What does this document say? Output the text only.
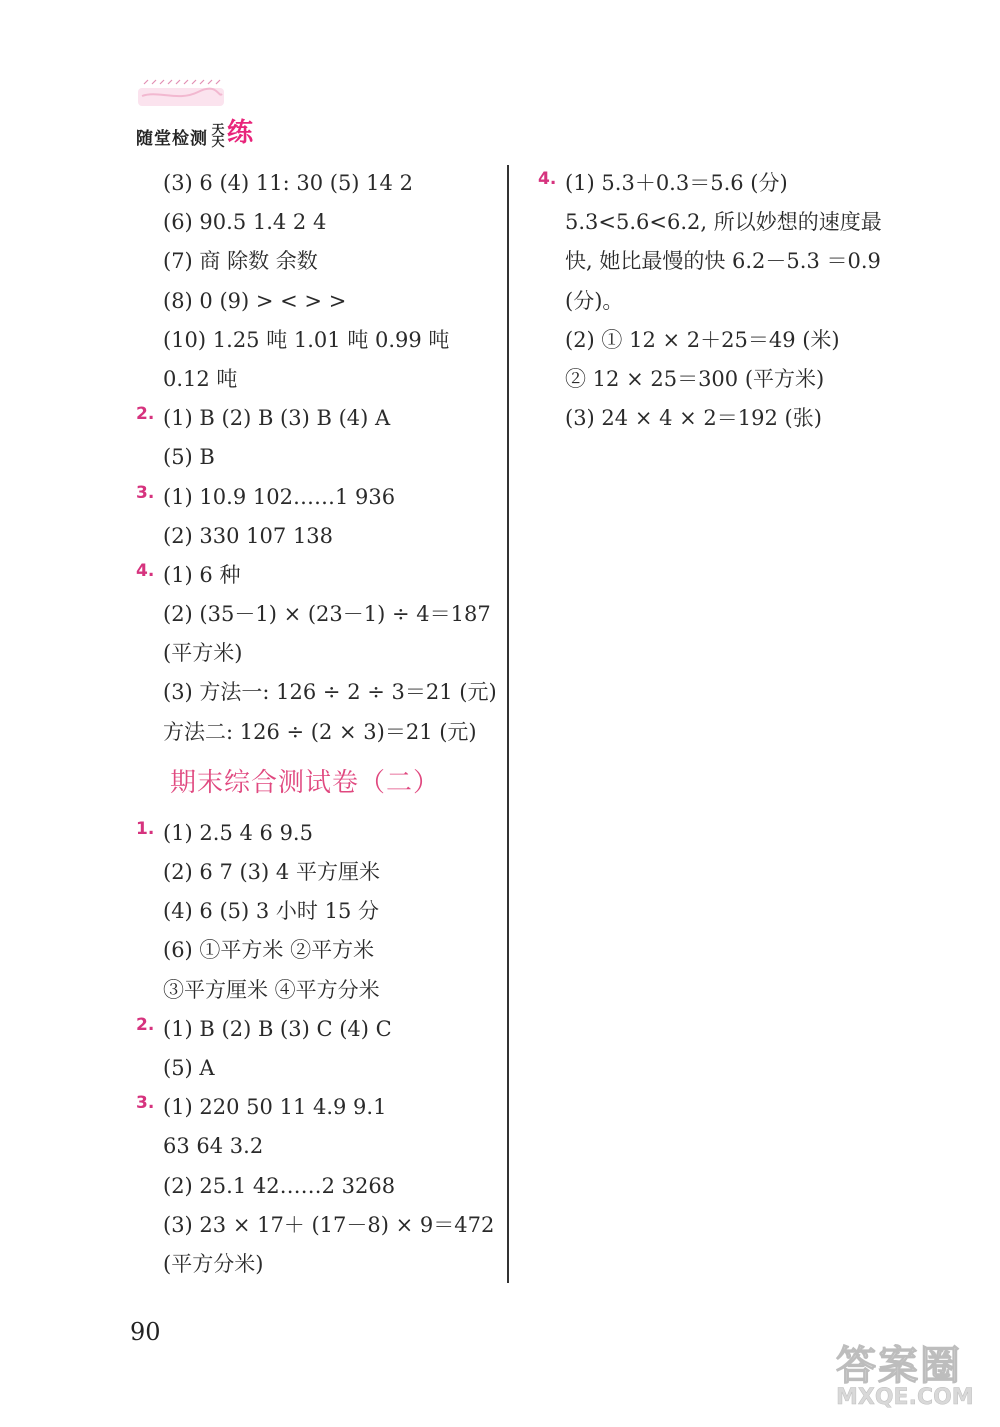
随堂检测 天天 练
(3) 6 (4) 11: 30 (5) 14 2
(6) 90.5 1.4 2 4
(7) 商 除数 余数
(8) 0 (9) > < > >
(10) 1.25 吨 1.01 吨 0.99 吨
0.12 吨
2. (1) B (2) B (3) B (4) A
(5) B
3. (1) 10.9 102……1 936
(2) 330 107 138
4. (1) 6 种
(2) (35－1) × (23－1) ÷ 4＝187
(平方米)
(3) 方法一: 126 ÷ 2 ÷ 3＝21 (元)
方法二: 126 ÷ (2 × 3)＝21 (元)
期末综合测试卷（二）
1. (1) 2.5 4 6 9.5
(2) 6 7 (3) 4 平方厘米
(4) 6 (5) 3 小时 15 分
(6) ①平方米 ②平方米
③平方厘米 ④平方分米
2. (1) B (2) B (3) C (4) C
(5) A
3. (1) 220 50 11 4.9 9.1
63 64 3.2
(2) 25.1 42……2 3268
(3) 23 × 17＋ (17－8) × 9＝472
(平方分米)
4. (1) 5.3＋0.3＝5.6 (分)
5.3<5.6<6.2, 所以妙想的速度最
快, 她比最慢的快 6.2－5.3 ＝0.9
(分)。
(2) ① 12 × 2＋25＝49 (米)
② 12 × 25＝300 (平方米)
(3) 24 × 4 × 2＝192 (张)
90
答案圈
MXQE.COM
